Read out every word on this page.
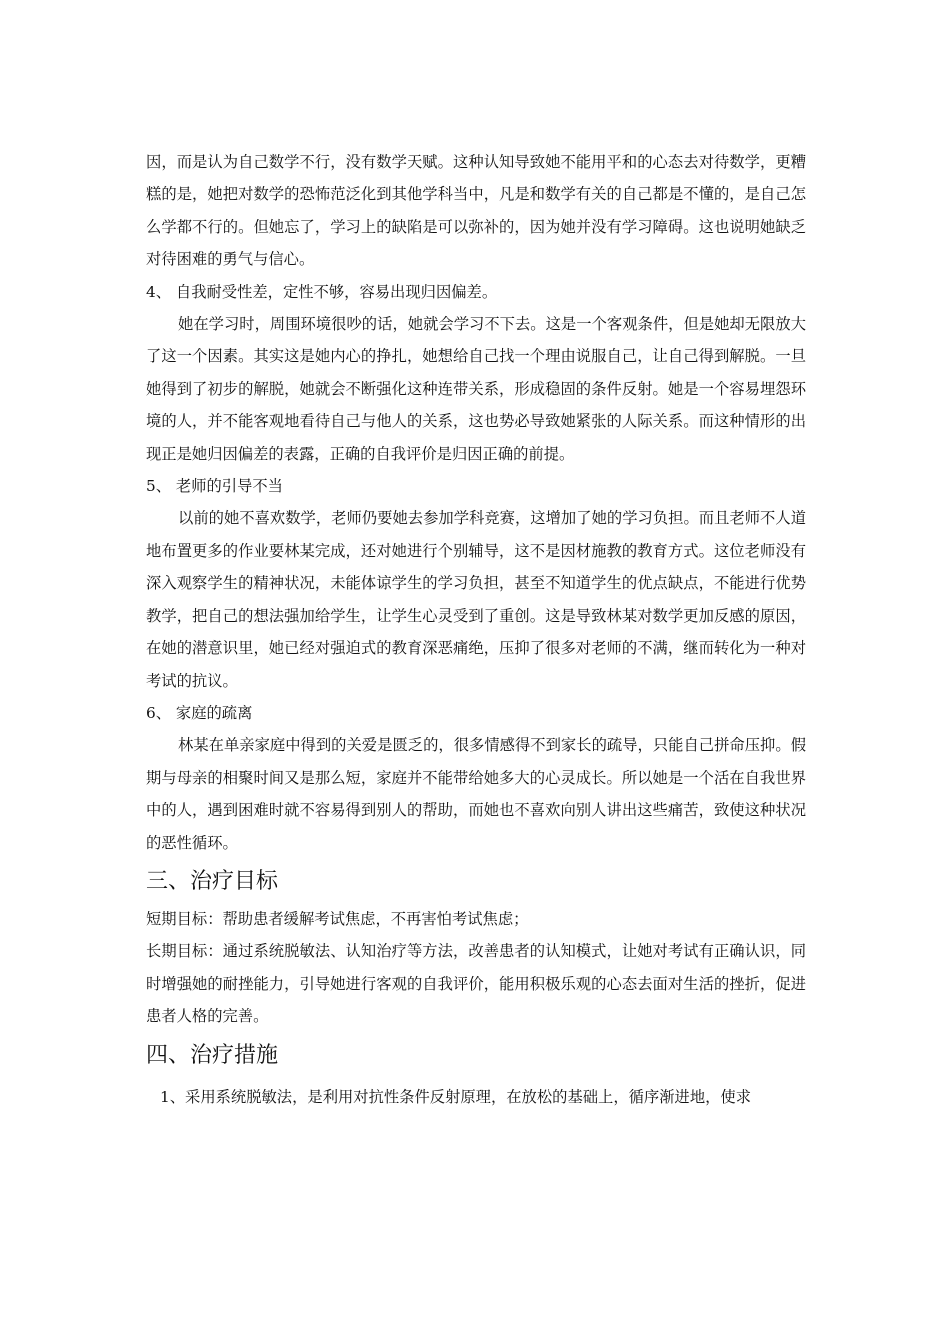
因，而是认为自己数学不行，没有数学天赋。这种认知导致她不能用平和的心态去对待数学，更糟糕的是，她把对数学的恐怖范泛化到其他学科当中，凡是和数学有关的自己都是不懂的，是自己怎么学都不行的。但她忘了，学习上的缺陷是可以弥补的，因为她并没有学习障碍。这也说明她缺乏对待困难的勇气与信心。

4、 自我耐受性差，定性不够，容易出现归因偏差。

她在学习时，周围环境很吵的话，她就会学习不下去。这是一个客观条件，但是她却无限放大了这一个因素。其实这是她内心的挣扎，她想给自己找一个理由说服自己，让自己得到解脱。一旦她得到了初步的解脱，她就会不断强化这种连带关系，形成稳固的条件反射。她是一个容易埋怨环境的人，并不能客观地看待自己与他人的关系，这也势必导致她紧张的人际关系。而这种情形的出现正是她归因偏差的表露，正确的自我评价是归因正确的前提。

5、 老师的引导不当

以前的她不喜欢数学，老师仍要她去参加学科竞赛，这增加了她的学习负担。而且老师不人道地布置更多的作业要林某完成，还对她进行个别辅导，这不是因材施教的教育方式。这位老师没有深入观察学生的精神状况，未能体谅学生的学习负担，甚至不知道学生的优点缺点，不能进行优势教学，把自己的想法强加给学生，让学生心灵受到了重创。这是导致林某对数学更加反感的原因，在她的潜意识里，她已经对强迫式的教育深恶痛绝，压抑了很多对老师的不满，继而转化为一种对考试的抗议。

6、 家庭的疏离

林某在单亲家庭中得到的关爱是匮乏的，很多情感得不到家长的疏导，只能自己拼命压抑。假期与母亲的相聚时间又是那么短，家庭并不能带给她多大的心灵成长。所以她是一个活在自我世界中的人，遇到困难时就不容易得到别人的帮助，而她也不喜欢向别人讲出这些痛苦，致使这种状况的恶性循环。

三、治疗目标

短期目标：帮助患者缓解考试焦虑，不再害怕考试焦虑；

长期目标：通过系统脱敏法、认知治疗等方法，改善患者的认知模式，让她对考试有正确认识，同时增强她的耐挫能力，引导她进行客观的自我评价，能用积极乐观的心态去面对生活的挫折，促进患者人格的完善。

四、治疗措施

1、采用系统脱敏法，是利用对抗性条件反射原理，在放松的基础上，循序渐进地，使求
